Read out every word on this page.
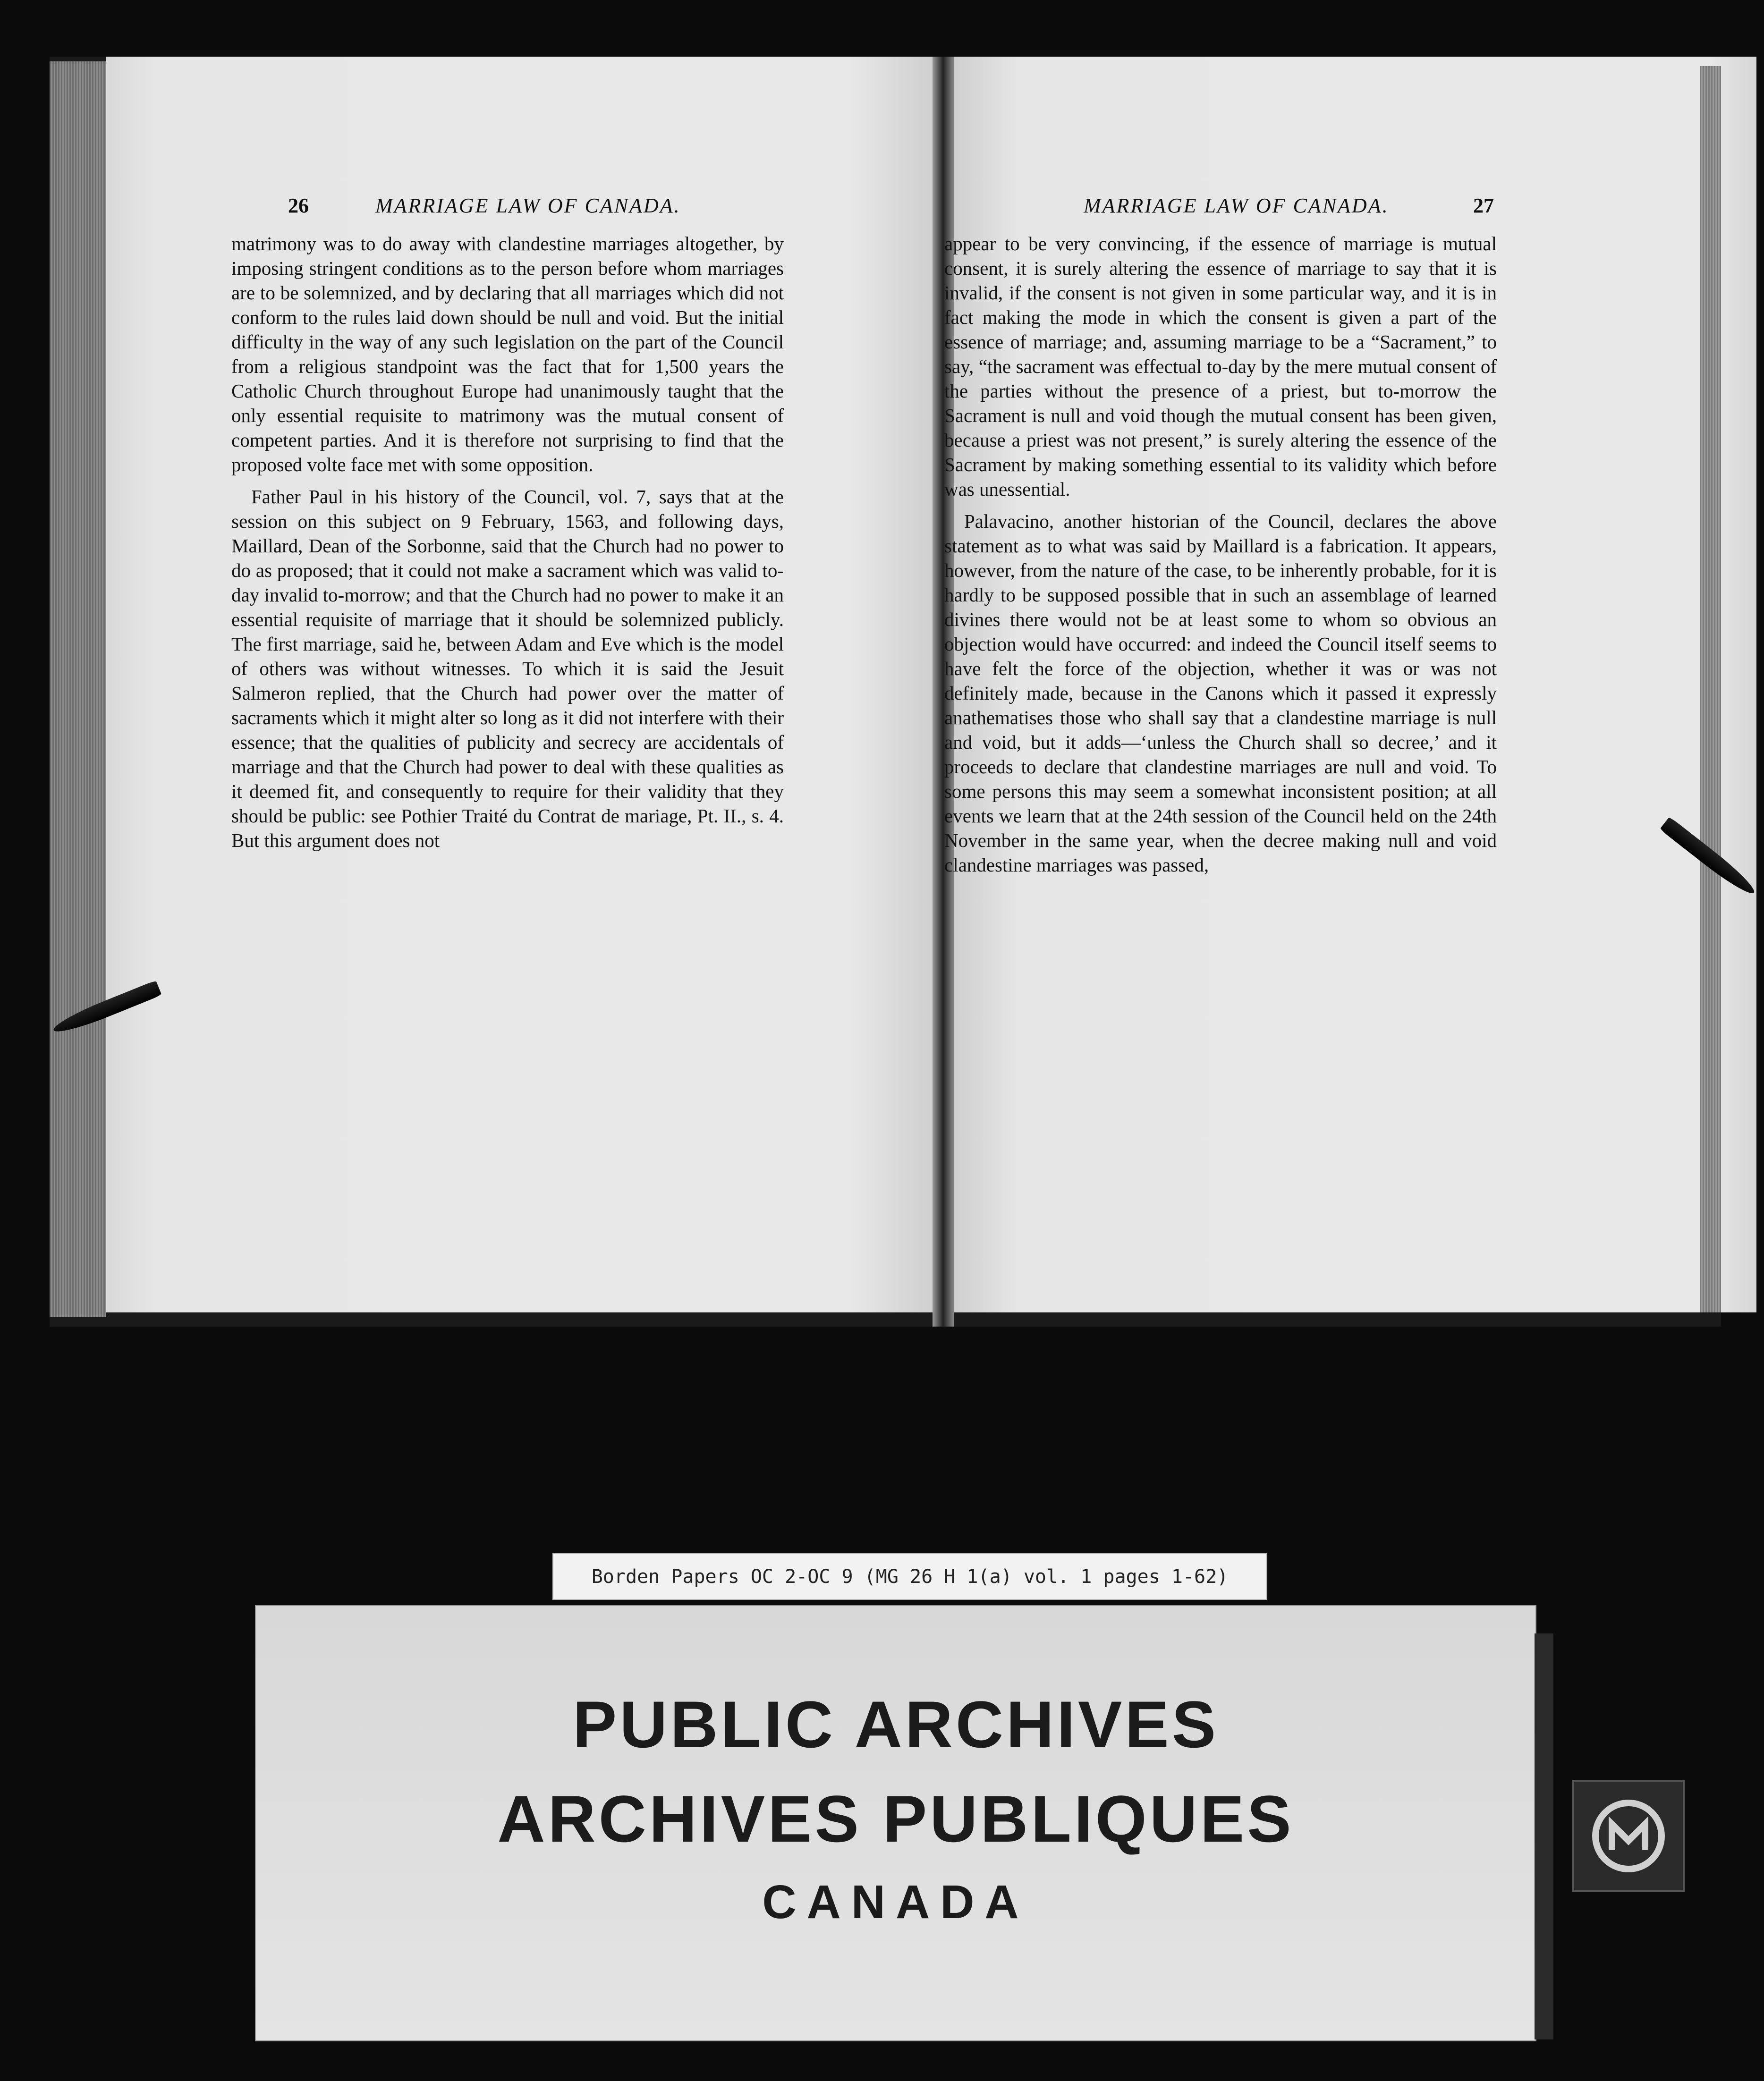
26	MARRIAGE LAW OF CANADA.	MARRIAGE LAW OF CANADA.	27

matrimony was to do away with clandestine marriages altogether, by imposing stringent conditions as to the person before whom marriages are to be solemnized, and by declaring that all marriages which did not conform to the rules laid down should be null and void. But the initial difficulty in the way of any such legislation on the part of the Council from a religious standpoint was the fact that for 1,500 years the Catholic Church throughout Europe had unanimously taught that the only essential requisite to matrimony was the mutual consent of competent parties. And it is therefore not surprising to find that the proposed volte face met with some opposition.

Father Paul in his history of the Council, vol. 7, says that at the session on this subject on 9 February, 1563, and following days, Maillard, Dean of the Sorbonne, said that the Church had no power to do as proposed; that it could not make a sacrament which was valid to-day invalid to-morrow; and that the Church had no power to make it an essential requisite of marriage that it should be solemnized publicly. The first marriage, said he, between Adam and Eve which is the model of others was without witnesses. To which it is said the Jesuit Salmeron replied, that the Church had power over the matter of sacraments which it might alter so long as it did not interfere with their essence; that the qualities of publicity and secrecy are accidentals of marriage and that the Church had power to deal with these qualities as it deemed fit, and consequently to require for their validity that they should be public: see Pothier Traité du Contrat de mariage, Pt. II., s. 4. But this argument does not

appear to be very convincing, if the essence of marriage is mutual consent, it is surely altering the essence of marriage to say that it is invalid, if the consent is not given in some particular way, and it is in fact making the mode in which the consent is given a part of the essence of marriage; and, assuming marriage to be a “Sacrament,” to say, “the sacrament was effectual to-day by the mere mutual consent of the parties without the presence of a priest, but to-morrow the Sacrament is null and void though the mutual consent has been given, because a priest was not present,” is surely altering the essence of the Sacrament by making something essential to its validity which before was unessential.

Palavacino, another historian of the Council, declares the above statement as to what was said by Maillard is a fabrication. It appears, however, from the nature of the case, to be inherently probable, for it is hardly to be supposed possible that in such an assemblage of learned divines there would not be at least some to whom so obvious an objection would have occurred: and indeed the Council itself seems to have felt the force of the objection, whether it was or was not definitely made, because in the Canons which it passed it expressly anathematises those who shall say that a clandestine marriage is null and void, but it adds—‘unless the Church shall so decree,’ and it proceeds to declare that clandestine marriages are null and void. To some persons this may seem a somewhat inconsistent position; at all events we learn that at the 24th session of the Council held on the 24th November in the same year, when the decree making null and void clandestine marriages was passed,

Borden Papers OC 2-OC 9 (MG 26 H 1(a) vol. 1 pages 1-62)
PUBLIC ARCHIVES
ARCHIVES PUBLIQUES
CANADA
